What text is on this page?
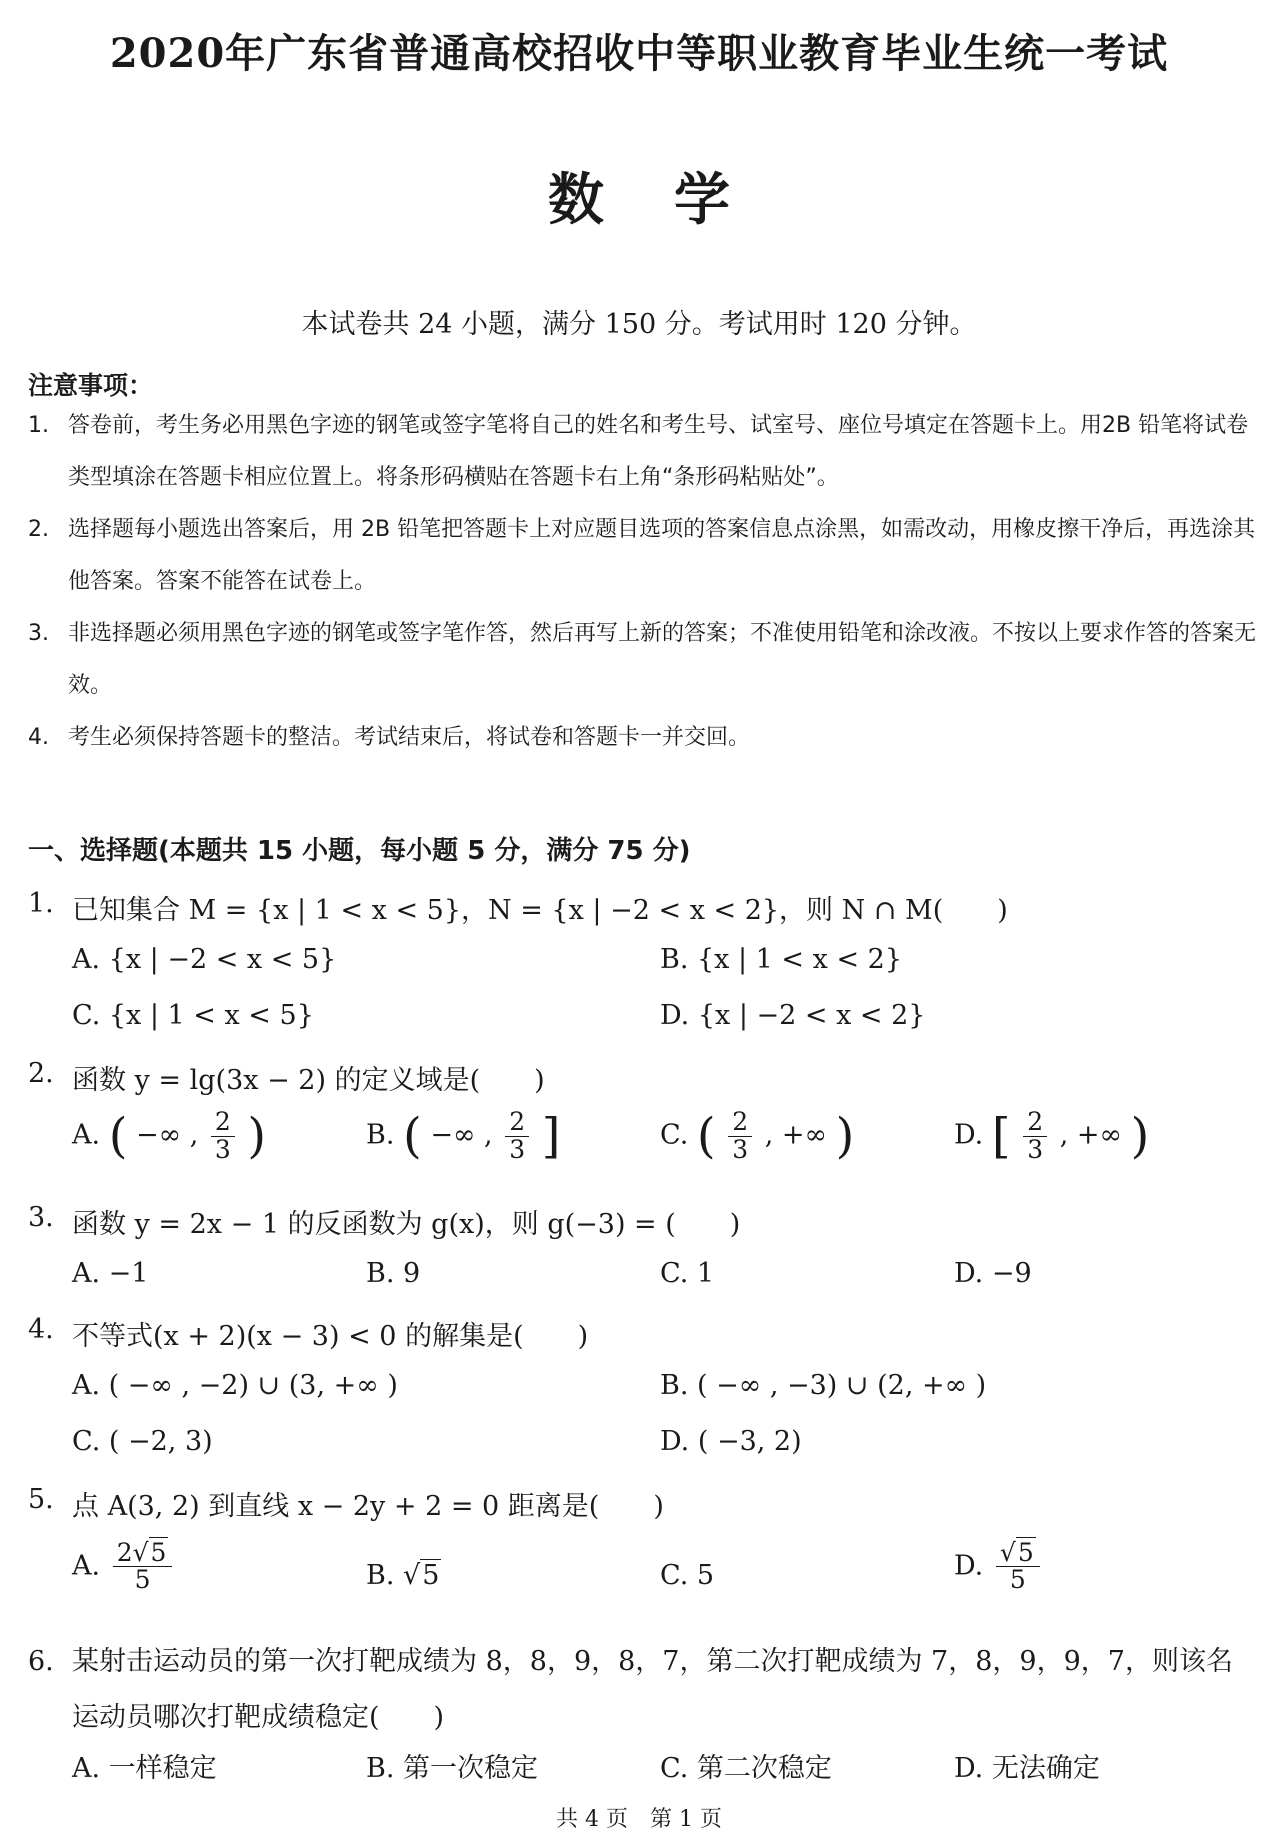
2020年广东省普通高校招收中等职业教育毕业生统一考试
数 学
本试卷共 24 小题，满分 150 分。考试用时 120 分钟。
注意事项：
1. 答卷前，考生务必用黑色字迹的钢笔或签字笔将自己的姓名和考生号、试室号、座位号填定在答题卡上。用2B 铅笔将试卷类型填涂在答题卡相应位置上。将条形码横贴在答题卡右上角“条形码粘贴处”。
2. 选择题每小题选出答案后，用 2B 铅笔把答题卡上对应题目选项的答案信息点涂黑，如需改动，用橡皮擦干净后，再选涂其他答案。答案不能答在试卷上。
3. 非选择题必须用黑色字迹的钢笔或签字笔作答，然后再写上新的答案；不准使用铅笔和涂改液。不按以上要求作答的答案无效。
4. 考生必须保持答题卡的整洁。考试结束后，将试卷和答题卡一并交回。
一、选择题(本题共 15 小题，每小题 5 分，满分 75 分)
1. 已知集合 M = {x | 1 < x < 5}，N = {x | −2 < x < 2}，则 N ∩ M(　　)
A. {x | −2 < x < 5}	B. {x | 1 < x < 2}
C. {x | 1 < x < 5}	D. {x | −2 < x < 2}
2. 函数 y = lg(3x − 2) 的定义域是(　　)
A. ( −∞ , $\frac{2}{3}$ )	B. ( −∞ , $\frac{2}{3}$ ]	C. ( $\frac{2}{3}$ , +∞ )	D. [ $\frac{2}{3}$ , +∞ )
3. 函数 y = 2x − 1 的反函数为 g(x)，则 g(−3) = (　　)
A. −1	B. 9	C. 1	D. −9
4. 不等式(x + 2)(x − 3) < 0 的解集是(　　)
A. ( −∞ , −2) ∪ (3, +∞ )	B. ( −∞ , −3) ∪ (2, +∞ )
C. ( −2, 3)	D. ( −3, 2)
5. 点 A(3, 2) 到直线 x − 2y + 2 = 0 距离是(　　)
A. $\frac{2√5}{5}$	B. √5	C. 5	D. $\frac{√5}{5}$
6. 某射击运动员的第一次打靶成绩为 8，8，9，8，7，第二次打靶成绩为 7，8，9，9，7，则该名运动员哪次打靶成绩稳定(　　)
A. 一样稳定	B. 第一次稳定	C. 第二次稳定	D. 无法确定
共 4 页　第 1 页
